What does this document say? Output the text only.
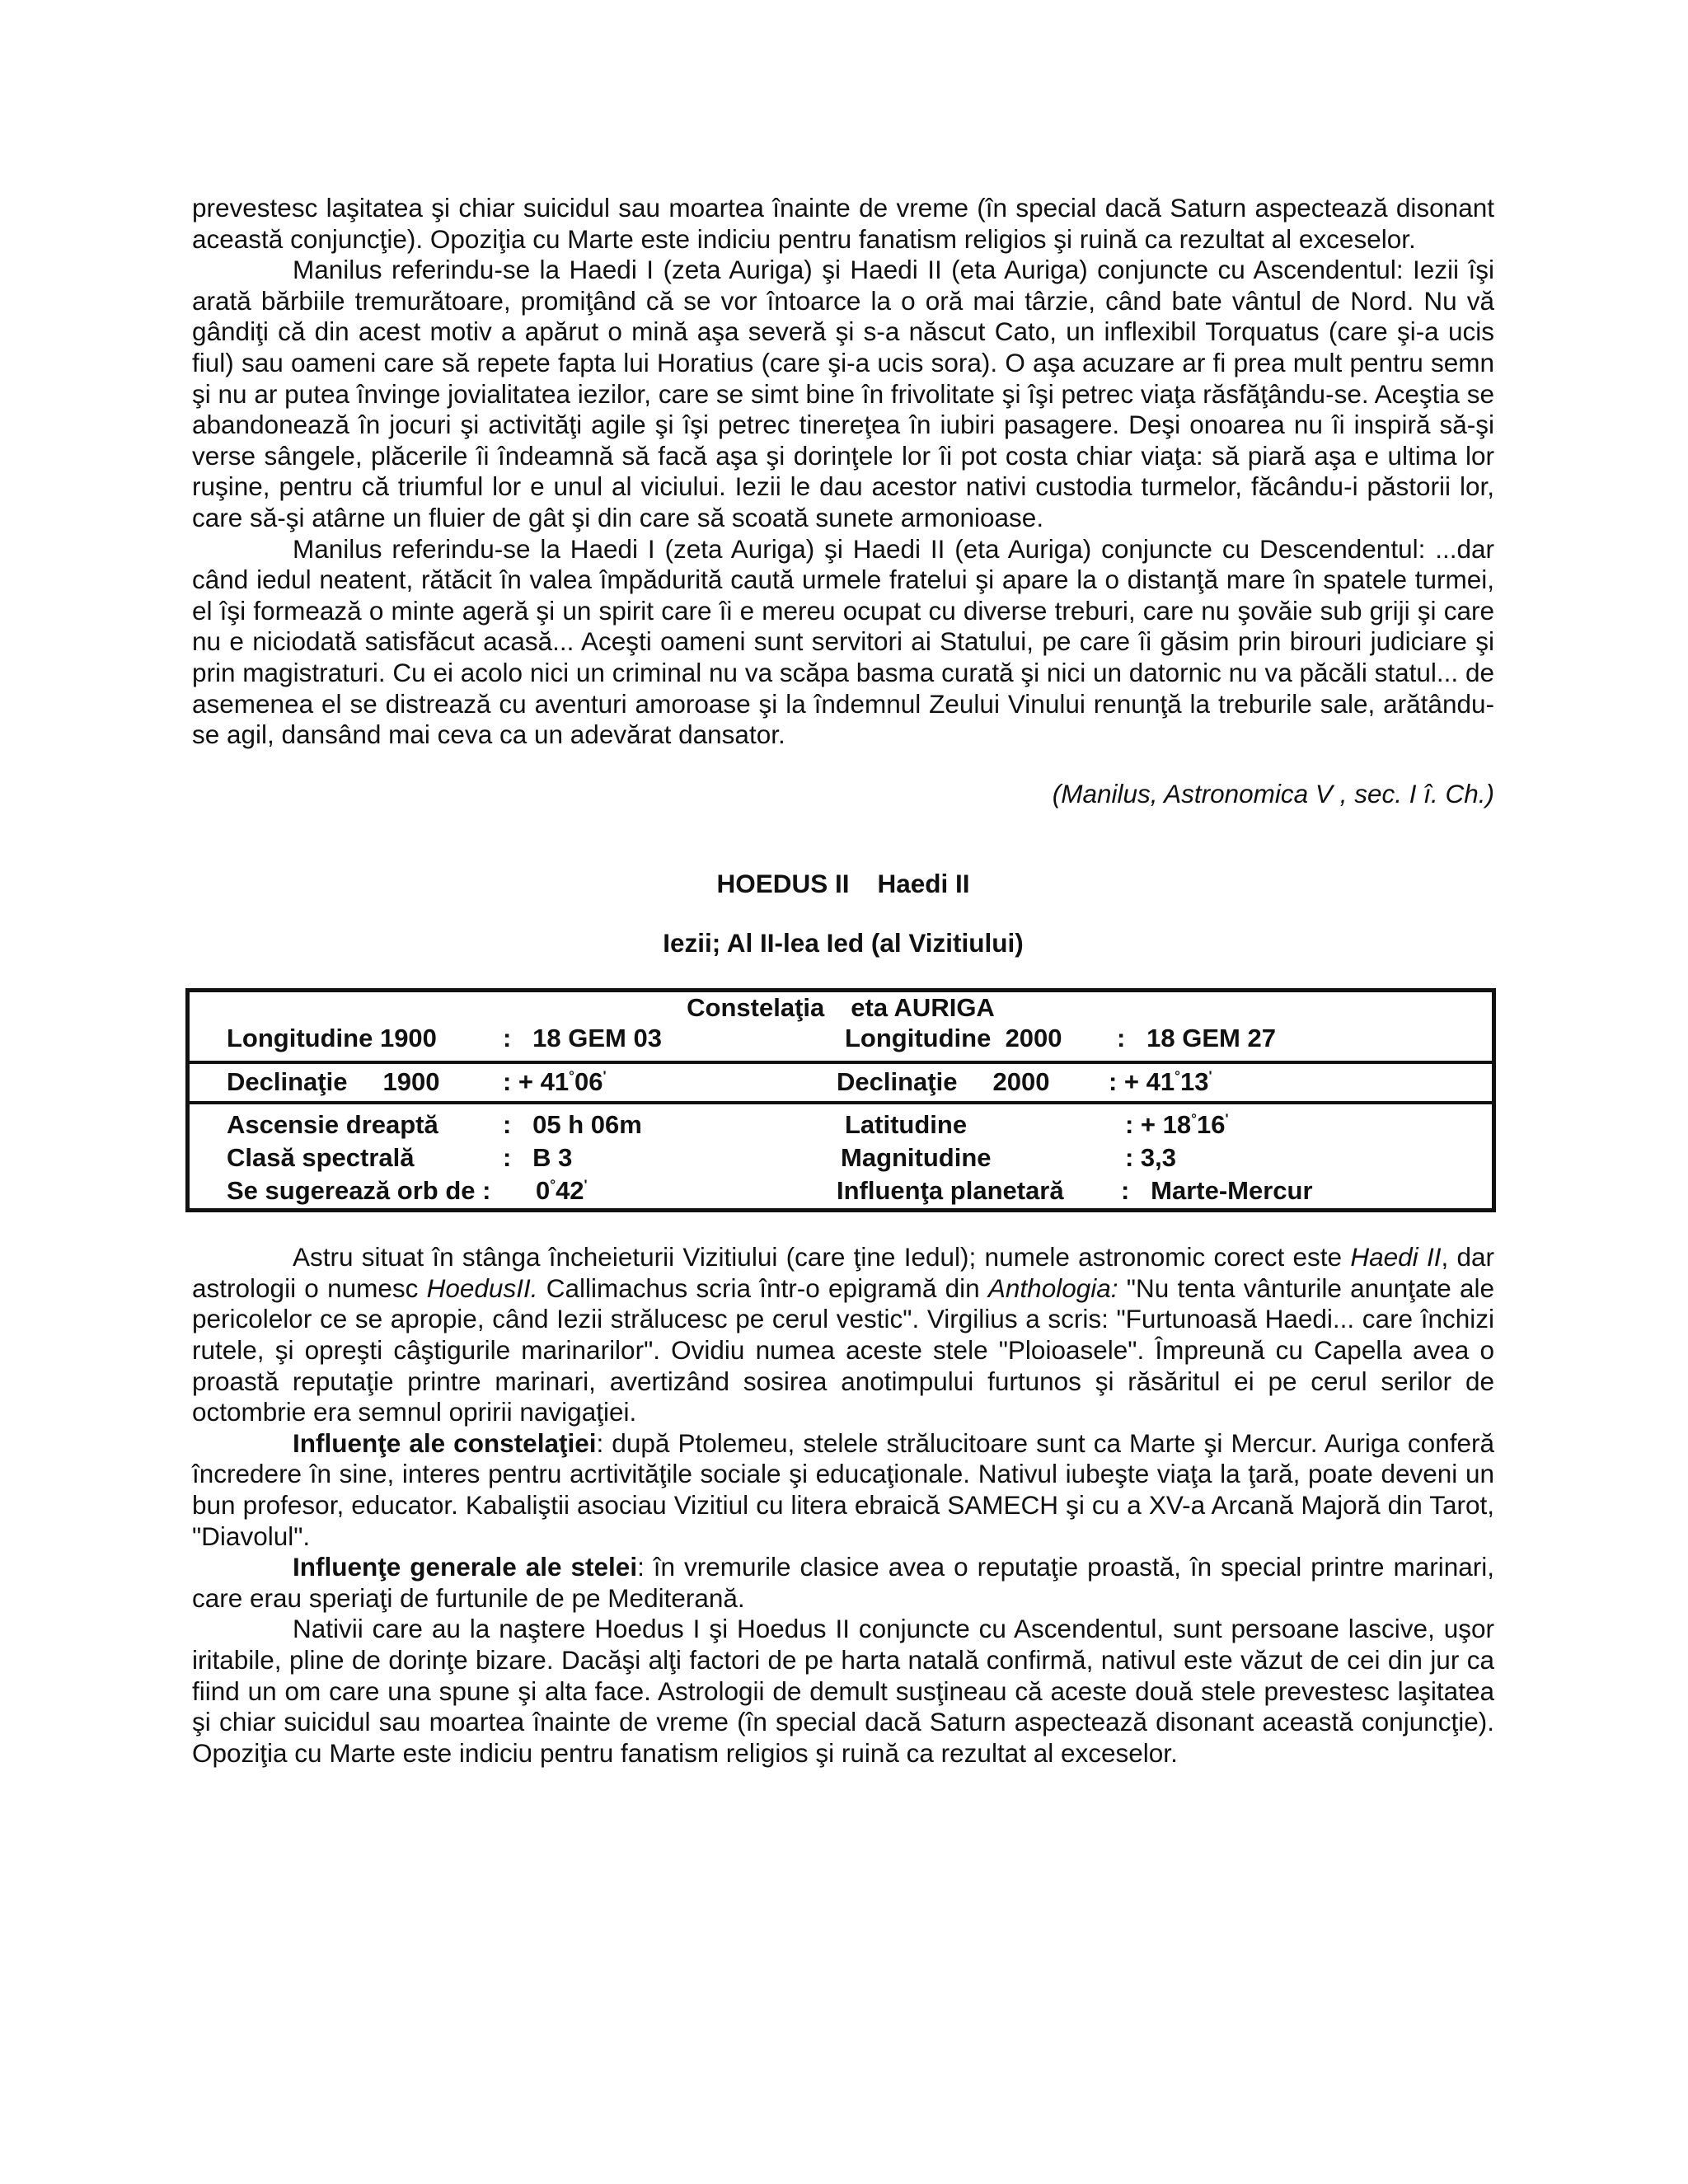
prevestesc laşitatea şi chiar suicidul sau moartea înainte de vreme (în special dacă Saturn aspectează disonant această conjuncţie). Opoziţia cu Marte este indiciu pentru fanatism religios şi ruină ca rezultat al exceselor.

Manilus referindu-se la Haedi I (zeta Auriga) şi Haedi II (eta Auriga) conjuncte cu Ascendentul: Iezii îşi arată bărbiile tremurătoare, promiţând că se vor întoarce la o oră mai târzie, când bate vântul de Nord. Nu vă gândiţi că din acest motiv a apărut o mină aşa severă şi s-a născut Cato, un inflexibil Torquatus (care şi-a ucis fiul) sau oameni care să repete fapta lui Horatius (care şi-a ucis sora). O aşa acuzare ar fi prea mult pentru semn şi nu ar putea învinge jovialitatea iezilor, care se simt bine în frivolitate şi îşi petrec viaţa răsfăţându-se. Aceştia se abandonează în jocuri şi activităţi agile şi îşi petrec tinereţea în iubiri pasagere. Deşi onoarea nu îi inspiră să-şi verse sângele, plăcerile îi îndeamnă să facă aşa şi dorinţele lor îi pot costa chiar viaţa: să piară aşa e ultima lor ruşine, pentru că triumful lor e unul al viciului. Iezii le dau acestor nativi custodia turmelor, făcându-i păstorii lor, care să-şi atârne un fluier de gât şi din care să scoată sunete armonioase.

Manilus referindu-se la Haedi I (zeta Auriga) şi Haedi II (eta Auriga) conjuncte cu Descendentul: ...dar când iedul neatent, rătăcit în valea împădurită caută urmele fratelui şi apare la o distanţă mare în spatele turmei, el îşi formează o minte ageră şi un spirit care îi e mereu ocupat cu diverse treburi, care nu şovăie sub griji şi care nu e niciodată satisfăcut acasă... Aceşti oameni sunt servitori ai Statului, pe care îi găsim prin birouri judiciare şi prin magistraturi. Cu ei acolo nici un criminal nu va scăpa basma curată şi nici un datornic nu va păcăli statul... de asemenea el se distrează cu aventuri amoroase şi la îndemnul Zeului Vinului renunţă la treburile sale, arătându-se agil, dansând mai ceva ca un adevărat dansator.

(Manilus, Astronomica V , sec. I î. Ch.)
HOEDUS II Haedi II
Iezii; Al II-lea Ied (al Vizitiului)
Constelaţia eta AURIGA
Longitudine 1900	:   18 GEM 03	Longitudine  2000 :   18 GEM 27
Declinaţie     1900 : + 41°06'	Declinaţie     2000 : + 41°13'
Ascensie dreaptă	:   05 h 06m	Latitudine	: + 18°16'
Clasă spectrală	:   B 3	Magnitudine	: 3,3
Se sugerează orb de : 0°42'	Influenţa planetară :   Marte-Mercur

Astru situat în stânga încheieturii Vizitiului (care ţine Iedul); numele astronomic corect este Haedi II, dar astrologii o numesc HoedusII. Callimachus scria într-o epigramă din Anthologia: "Nu tenta vânturile anunţate ale pericolelor ce se apropie, când Iezii strălucesc pe cerul vestic". Virgilius a scris: "Furtunoasă Haedi... care închizi rutele, şi opreşti câştigurile marinarilor". Ovidiu numea aceste stele "Ploioasele". Împreună cu Capella avea o proastă reputaţie printre marinari, avertizând sosirea anotimpului furtunos şi răsăritul ei pe cerul serilor de octombrie era semnul opririi navigaţiei.

Influenţe ale constelaţiei: după Ptolemeu, stelele strălucitoare sunt ca Marte şi Mercur. Auriga conferă încredere în sine, interes pentru acrtivităţile sociale şi educaţionale. Nativul iubeşte viaţa la ţară, poate deveni un bun profesor, educator. Kabaliştii asociau Vizitiul cu litera ebraică SAMECH şi cu a XV-a Arcană Majoră din Tarot, "Diavolul".

Influenţe generale ale stelei: în vremurile clasice avea o reputaţie proastă, în special printre marinari, care erau speriaţi de furtunile de pe Mediterană.

Nativii care au la naştere Hoedus I şi Hoedus II conjuncte cu Ascendentul, sunt persoane lascive, uşor iritabile, pline de dorinţe bizare. Dacăşi alţi factori de pe harta natală confirmă, nativul este văzut de cei din jur ca fiind un om care una spune şi alta face. Astrologii de demult susţineau că aceste două stele prevestesc laşitatea şi chiar suicidul sau moartea înainte de vreme (în special dacă Saturn aspectează disonant această conjuncţie). Opoziţia cu Marte este indiciu pentru fanatism religios şi ruină ca rezultat al exceselor.
